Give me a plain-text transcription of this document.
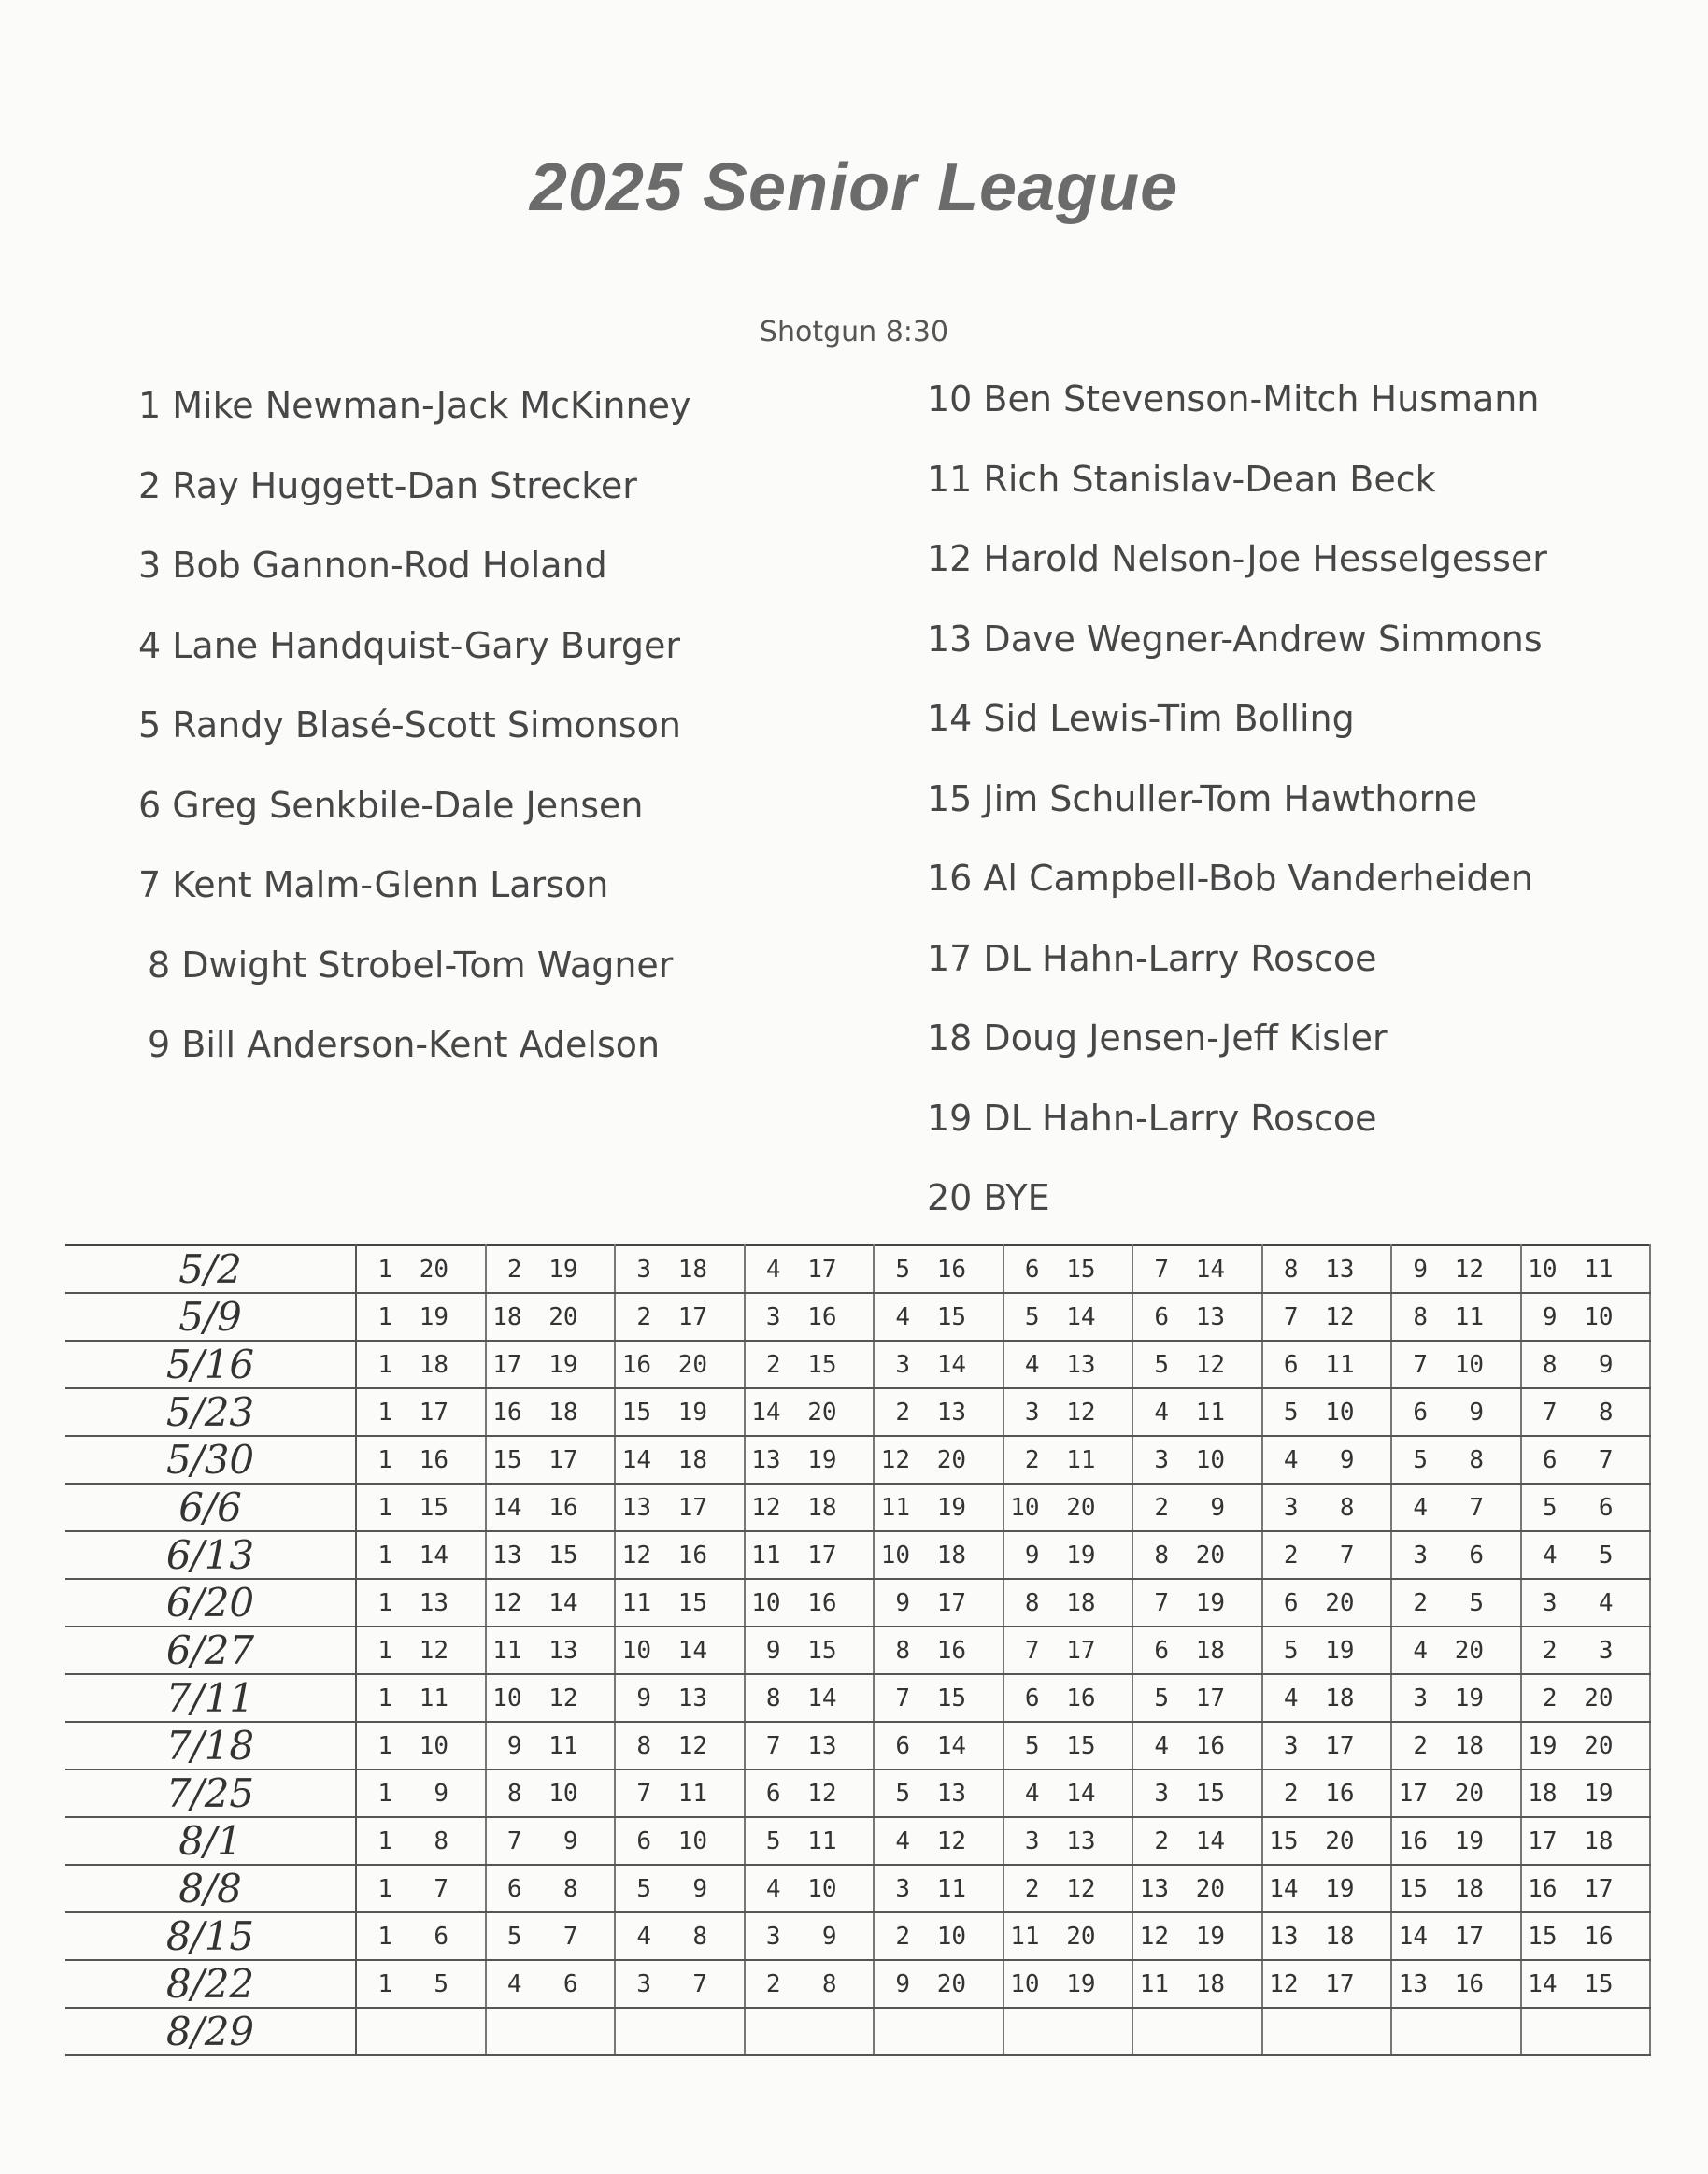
2025 Senior League
Shotgun 8:30
1 Mike Newman-Jack McKinney
2 Ray Huggett-Dan Strecker
3 Bob Gannon-Rod Holand
4 Lane Handquist-Gary Burger
5 Randy Blasé-Scott Simonson
6 Greg Senkbile-Dale Jensen
7 Kent Malm-Glenn Larson
8 Dwight Strobel-Tom Wagner
9 Bill Anderson-Kent Adelson
10 Ben Stevenson-Mitch Husmann
11 Rich Stanislav-Dean Beck
12 Harold Nelson-Joe Hesselgesser
13 Dave Wegner-Andrew Simmons
14 Sid Lewis-Tim Bolling
15 Jim Schuller-Tom Hawthorne
16 Al Campbell-Bob Vanderheiden
17 DL Hahn-Larry Roscoe
18 Doug Jensen-Jeff Kisler
19 DL Hahn-Larry Roscoe
20 BYE
5/2	1 20	2 19	3 18	4 17	5 16	6 15	7 14	8 13	9 12	10 11
5/9	1 19	18 20	2 17	3 16	4 15	5 14	6 13	7 12	8 11	9 10
5/16	1 18	17 19	16 20	2 15	3 14	4 13	5 12	6 11	7 10	8 9
5/23	1 17	16 18	15 19	14 20	2 13	3 12	4 11	5 10	6 9	7 8
5/30	1 16	15 17	14 18	13 19	12 20	2 11	3 10	4 9	5 8	6 7
6/6	1 15	14 16	13 17	12 18	11 19	10 20	2 9	3 8	4 7	5 6
6/13	1 14	13 15	12 16	11 17	10 18	9 19	8 20	2 7	3 6	4 5
6/20	1 13	12 14	11 15	10 16	9 17	8 18	7 19	6 20	2 5	3 4
6/27	1 12	11 13	10 14	9 15	8 16	7 17	6 18	5 19	4 20	2 3
7/11	1 11	10 12	9 13	8 14	7 15	6 16	5 17	4 18	3 19	2 20
7/18	1 10	9 11	8 12	7 13	6 14	5 15	4 16	3 17	2 18	19 20
7/25	1 9	8 10	7 11	6 12	5 13	4 14	3 15	2 16	17 20	18 19
8/1	1 8	7 9	6 10	5 11	4 12	3 13	2 14	15 20	16 19	17 18
8/8	1 7	6 8	5 9	4 10	3 11	2 12	13 20	14 19	15 18	16 17
8/15	1 6	5 7	4 8	3 9	2 10	11 20	12 19	13 18	14 17	15 16
8/22	1 5	4 6	3 7	2 8	9 20	10 19	11 18	12 17	13 16	14 15
8/29										
